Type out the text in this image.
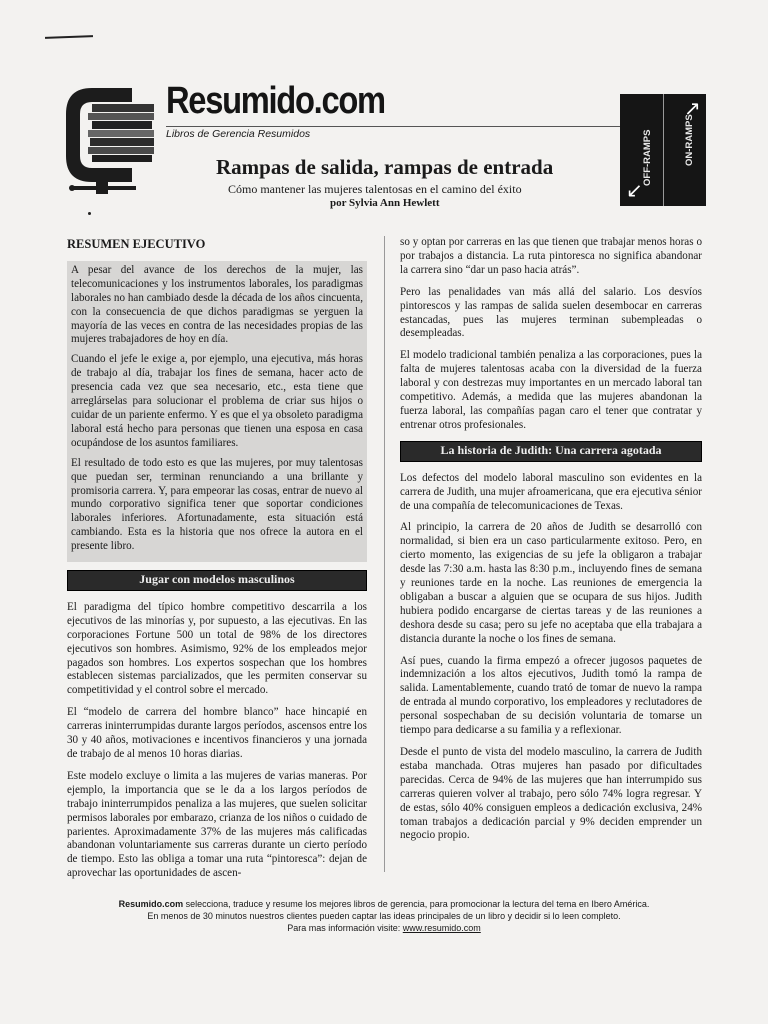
Resumido.com
Libros de Gerencia Resumidos
Rampas de salida, rampas de entrada
Cómo mantener las mujeres talentosas en el camino del éxito
por Sylvia Ann Hewlett
OFF-RAMPS
↙
ON-RAMPS
↗

RESUMEN EJECUTIVO

A pesar del avance de los derechos de la mujer, las telecomunicaciones y los instrumentos laborales, los paradigmas laborales no han cambiado desde la década de los años cincuenta, con la consecuencia de que dichos paradigmas se yerguen la mayoría de las veces en contra de las necesidades propias de las mujeres trabajadores de hoy en día.

Cuando el jefe le exige a, por ejemplo, una ejecutiva, más horas de trabajo al día, trabajar los fines de semana, hacer acto de presencia cada vez que sea necesario, etc., esta tiene que arreglárselas para solucionar el problema de criar sus hijos o cuidar de un pariente enfermo. Y es que el ya obsoleto paradigma laboral está hecho para personas que tienen una esposa en casa ocupándose de los asuntos familiares.

El resultado de todo esto es que las mujeres, por muy talentosas que puedan ser, terminan renunciando a una brillante y promisoria carrera. Y, para empeorar las cosas, entrar de nuevo al mundo corporativo significa tener que soportar condiciones laborales inferiores. Afortunadamente, esta situación está cambiando. Esta es la historia que nos ofrece la autora en el presente libro.

Jugar con modelos masculinos

El paradigma del típico hombre competitivo descarrila a los ejecutivos de las minorías y, por supuesto, a las ejecutivas. En las corporaciones Fortune 500 un total de 98% de los directores ejecutivos son hombres. Asimismo, 92% de los empleados mejor pagados son hombres. Los expertos sospechan que los hombres establecen sistemas parcializados, que les permiten conservar su competitividad y el control sobre el mercado.

El “modelo de carrera del hombre blanco” hace hincapié en carreras ininterrumpidas durante largos períodos, ascensos entre los 30 y 40 años, motivaciones e incentivos financieros y una jornada de trabajo de al menos 10 horas diarias.

Este modelo excluye o limita a las mujeres de varias maneras. Por ejemplo, la importancia que se le da a los largos períodos de trabajo ininterrumpidos penaliza a las mujeres, que suelen solicitar permisos laborales por embarazo, crianza de los niños o cuidado de parientes. Aproximadamente 37% de las mujeres más calificadas abandonan voluntariamente sus carreras durante un cierto período de tiempo. Esto las obliga a tomar una ruta “pintoresca”: dejan de aprovechar las oportunidades de ascen-

so y optan por carreras en las que tienen que trabajar menos horas o por trabajos a distancia. La ruta pintoresca no significa abandonar la carrera sino “dar un paso hacia atrás”.

Pero las penalidades van más allá del salario. Los desvíos pintorescos y las rampas de salida suelen desembocar en carreras estancadas, pues las mujeres terminan subempleadas o desempleadas.

El modelo tradicional también penaliza a las corporaciones, pues la falta de mujeres talentosas acaba con la diversidad de la fuerza laboral y con destrezas muy importantes en un mercado laboral tan competitivo. Además, a medida que las mujeres abandonan la fuerza laboral, las compañías pagan caro el tener que contratar y entrenar otros profesionales.

La historia de Judith: Una carrera agotada

Los defectos del modelo laboral masculino son evidentes en la carrera de Judith, una mujer afroamericana, que era ejecutiva sénior de una compañía de telecomunicaciones de Texas.

Al principio, la carrera de 20 años de Judith se desarrolló con normalidad, si bien era un caso particularmente exitoso. Pero, en cierto momento, las exigencias de su jefe la obligaron a trabajar desde las 7:30 a.m. hasta las 8:30 p.m., incluyendo fines de semana y reuniones tarde en la noche. Las reuniones de emergencia la obligaban a buscar a alguien que se ocupara de sus hijos. Judith hubiera podido encargarse de ciertas tareas y de las reuniones a deshora desde su casa; pero su jefe no aceptaba que ella trabajara a distancia durante la noche o los fines de semana.

Así pues, cuando la firma empezó a ofrecer jugosos paquetes de indemnización a los altos ejecutivos, Judith tomó la rampa de salida. Lamentablemente, cuando trató de tomar de nuevo la rampa de entrada al mundo corporativo, los empleadores y reclutadores de personal sospechaban de su decisión voluntaria de tomarse un tiempo para dedicarse a su familia y a reflexionar.

Desde el punto de vista del modelo masculino, la carrera de Judith estaba manchada. Otras mujeres han pasado por dificultades parecidas. Cerca de 94% de las mujeres que han interrumpido sus carreras quieren volver al trabajo, pero sólo 74% logra regresar. Y de estas, sólo 40% consiguen empleos a dedicación exclusiva, 24% toman trabajos a dedicación parcial y 9% deciden emprender un negocio propio.

Resumido.com selecciona, traduce y resume los mejores libros de gerencia, para promocionar la lectura del tema en Ibero América.
En menos de 30 minutos nuestros clientes pueden captar las ideas principales de un libro y decidir si lo leen completo.
Para mas información visite: www.resumido.com
